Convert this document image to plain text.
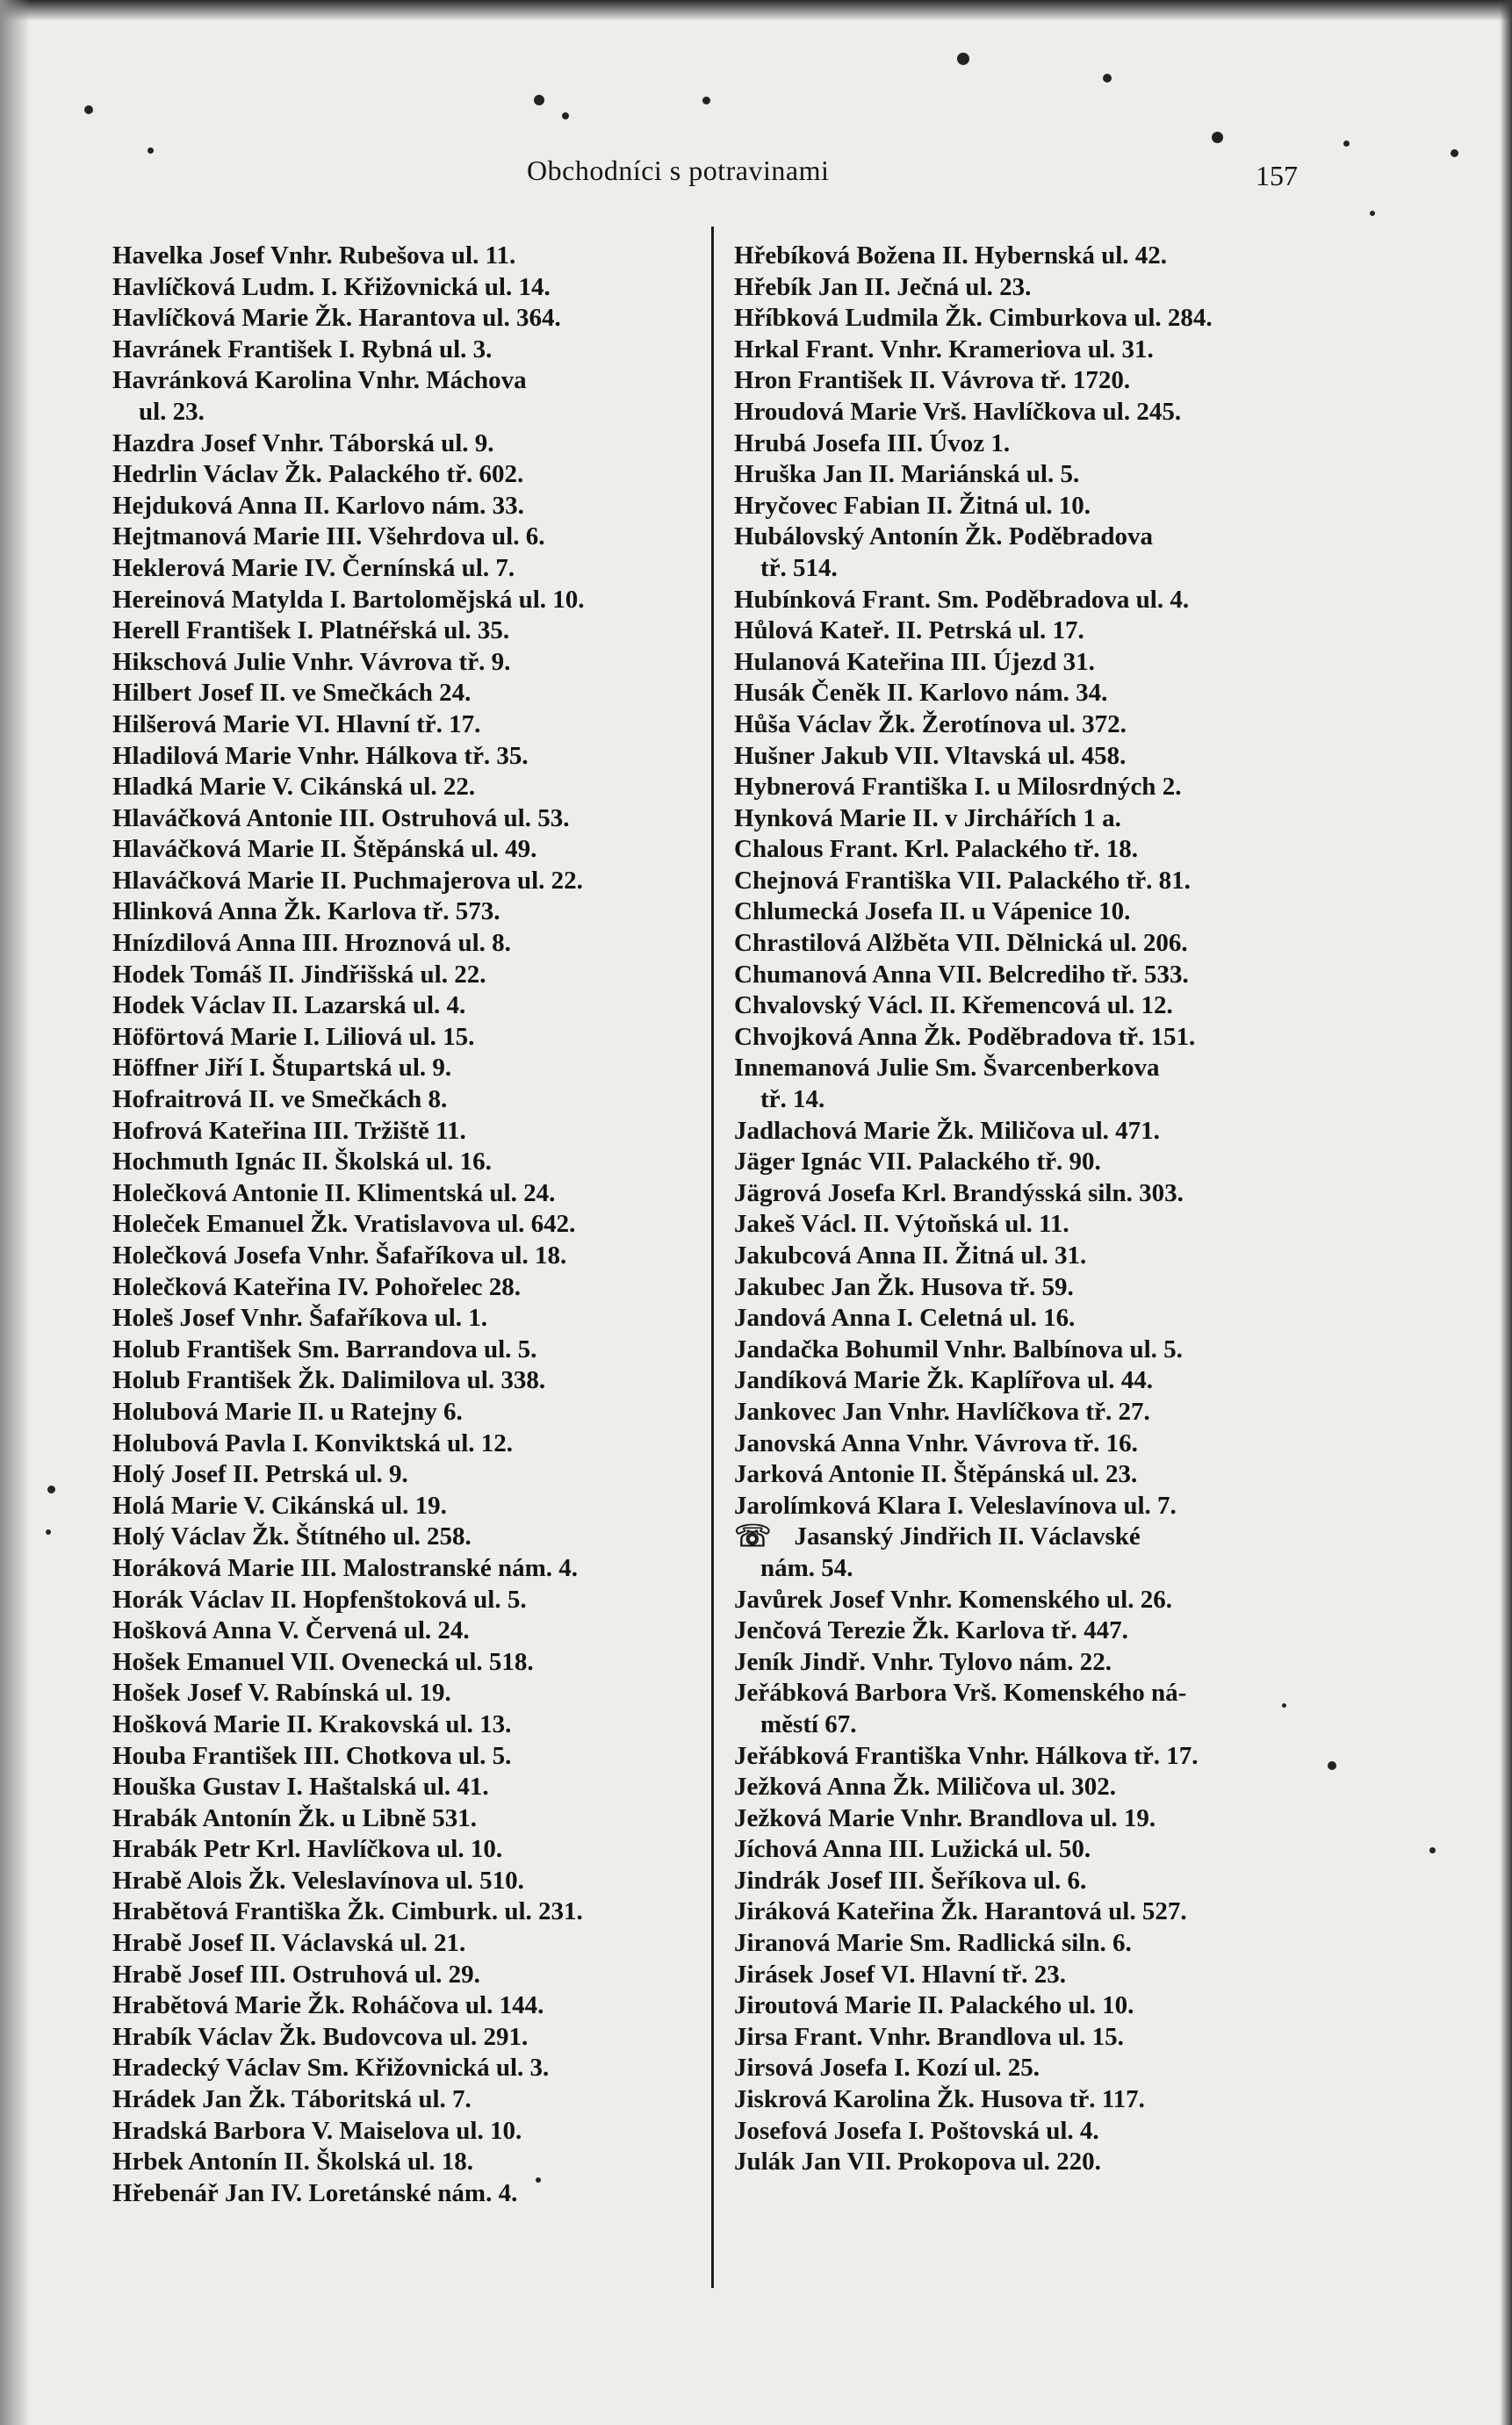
Obchodníci s potravinami	157
Havelka Josef Vnhr. Rubešova ul. 11.
Havlíčková Ludm. I. Křižovnická ul. 14.
Havlíčková Marie Žk. Harantova ul. 364.
Havránek František I. Rybná ul. 3.
Havránková Karolina Vnhr. Máchova
ul. 23.
Hazdra Josef Vnhr. Táborská ul. 9.
Hedrlin Václav Žk. Palackého tř. 602.
Hejduková Anna II. Karlovo nám. 33.
Hejtmanová Marie III. Všehrdova ul. 6.
Heklerová Marie IV. Černínská ul. 7.
Hereinová Matylda I. Bartolomějská ul. 10.
Herell František I. Platnéřská ul. 35.
Hikschová Julie Vnhr. Vávrova tř. 9.
Hilbert Josef II. ve Smečkách 24.
Hilšerová Marie VI. Hlavní tř. 17.
Hladilová Marie Vnhr. Hálkova tř. 35.
Hladká Marie V. Cikánská ul. 22.
Hlaváčková Antonie III. Ostruhová ul. 53.
Hlaváčková Marie II. Štěpánská ul. 49.
Hlaváčková Marie II. Puchmajerova ul. 22.
Hlinková Anna Žk. Karlova tř. 573.
Hnízdilová Anna III. Hroznová ul. 8.
Hodek Tomáš II. Jindřišská ul. 22.
Hodek Václav II. Lazarská ul. 4.
Höförtová Marie I. Liliová ul. 15.
Höffner Jiří I. Štupartská ul. 9.
Hofraitrová II. ve Smečkách 8.
Hofrová Kateřina III. Tržiště 11.
Hochmuth Ignác II. Školská ul. 16.
Holečková Antonie II. Klimentská ul. 24.
Holeček Emanuel Žk. Vratislavova ul. 642.
Holečková Josefa Vnhr. Šafaříkova ul. 18.
Holečková Kateřina IV. Pohořelec 28.
Holeš Josef Vnhr. Šafaříkova ul. 1.
Holub František Sm. Barrandova ul. 5.
Holub František Žk. Dalimilova ul. 338.
Holubová Marie II. u Ratejny 6.
Holubová Pavla I. Konviktská ul. 12.
Holý Josef II. Petrská ul. 9.
Holá Marie V. Cikánská ul. 19.
Holý Václav Žk. Štítného ul. 258.
Horáková Marie III. Malostranské nám. 4.
Horák Václav II. Hopfenštoková ul. 5.
Hošková Anna V. Červená ul. 24.
Hošek Emanuel VII. Ovenecká ul. 518.
Hošek Josef V. Rabínská ul. 19.
Hošková Marie II. Krakovská ul. 13.
Houba František III. Chotkova ul. 5.
Houška Gustav I. Haštalská ul. 41.
Hrabák Antonín Žk. u Libně 531.
Hrabák Petr Krl. Havlíčkova ul. 10.
Hrabě Alois Žk. Veleslavínova ul. 510.
Hrabětová Františka Žk. Cimburk. ul. 231.
Hrabě Josef II. Václavská ul. 21.
Hrabě Josef III. Ostruhová ul. 29.
Hrabětová Marie Žk. Roháčova ul. 144.
Hrabík Václav Žk. Budovcova ul. 291.
Hradecký Václav Sm. Křižovnická ul. 3.
Hrádek Jan Žk. Táboritská ul. 7.
Hradská Barbora V. Maiselova ul. 10.
Hrbek Antonín II. Školská ul. 18.
Hřebenář Jan IV. Loretánské nám. 4.
Hřebíková Božena II. Hybernská ul. 42.
Hřebík Jan II. Ječná ul. 23.
Hříbková Ludmila Žk. Cimburkova ul. 284.
Hrkal Frant. Vnhr. Krameriova ul. 31.
Hron František II. Vávrova tř. 1720.
Hroudová Marie Vrš. Havlíčkova ul. 245.
Hrubá Josefa III. Úvoz 1.
Hruška Jan II. Mariánská ul. 5.
Hryčovec Fabian II. Žitná ul. 10.
Hubálovský Antonín Žk. Poděbradova
tř. 514.
Hubínková Frant. Sm. Poděbradova ul. 4.
Hůlová Kateř. II. Petrská ul. 17.
Hulanová Kateřina III. Újezd 31.
Husák Čeněk II. Karlovo nám. 34.
Hůša Václav Žk. Žerotínova ul. 372.
Hušner Jakub VII. Vltavská ul. 458.
Hybnerová Františka I. u Milosrdných 2.
Hynková Marie II. v Jirchářích 1 a.
Chalous Frant. Krl. Palackého tř. 18.
Chejnová Františka VII. Palackého tř. 81.
Chlumecká Josefa II. u Vápenice 10.
Chrastilová Alžběta VII. Dělnická ul. 206.
Chumanová Anna VII. Belcrediho tř. 533.
Chvalovský Václ. II. Křemencová ul. 12.
Chvojková Anna Žk. Poděbradova tř. 151.
Innemanová Julie Sm. Švarcenberkova
tř. 14.
Jadlachová Marie Žk. Miličova ul. 471.
Jäger Ignác VII. Palackého tř. 90.
Jägrová Josefa Krl. Brandýsská siln. 303.
Jakeš Václ. II. Výtoňská ul. 11.
Jakubcová Anna II. Žitná ul. 31.
Jakubec Jan Žk. Husova tř. 59.
Jandová Anna I. Celetná ul. 16.
Jandačka Bohumil Vnhr. Balbínova ul. 5.
Jandíková Marie Žk. Kaplířova ul. 44.
Jankovec Jan Vnhr. Havlíčkova tř. 27.
Janovská Anna Vnhr. Vávrova tř. 16.
Jarková Antonie II. Štěpánská ul. 23.
Jarolímková Klara I. Veleslavínova ul. 7.
☏ Jasanský Jindřich II. Václavské
nám. 54.
Javůrek Josef Vnhr. Komenského ul. 26.
Jenčová Terezie Žk. Karlova tř. 447.
Jeník Jindř. Vnhr. Tylovo nám. 22.
Jeřábková Barbora Vrš. Komenského ná-
městí 67.
Jeřábková Františka Vnhr. Hálkova tř. 17.
Ježková Anna Žk. Miličova ul. 302.
Ježková Marie Vnhr. Brandlova ul. 19.
Jíchová Anna III. Lužická ul. 50.
Jindrák Josef III. Šeříkova ul. 6.
Jiráková Kateřina Žk. Harantová ul. 527.
Jiranová Marie Sm. Radlická siln. 6.
Jirásek Josef VI. Hlavní tř. 23.
Jiroutová Marie II. Palackého ul. 10.
Jirsa Frant. Vnhr. Brandlova ul. 15.
Jirsová Josefa I. Kozí ul. 25.
Jiskrová Karolina Žk. Husova tř. 117.
Josefová Josefa I. Poštovská ul. 4.
Julák Jan VII. Prokopova ul. 220.
